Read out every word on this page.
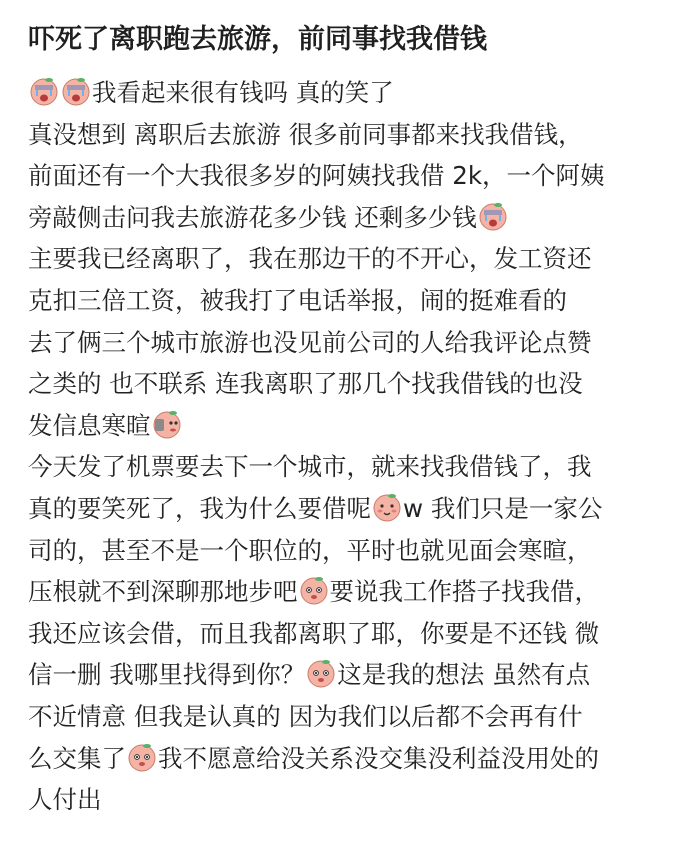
吓死了离职跑去旅游，前同事找我借钱
我看起来很有钱吗 真的笑了
真没想到 离职后去旅游 很多前同事都来找我借钱，
前面还有一个大我很多岁的阿姨找我借 2k，一个阿姨
旁敲侧击问我去旅游花多少钱 还剩多少钱
主要我已经离职了，我在那边干的不开心，发工资还
克扣三倍工资，被我打了电话举报，闹的挺难看的
去了俩三个城市旅游也没见前公司的人给我评论点赞
之类的 也不联系 连我离职了那几个找我借钱的也没
发信息寒暄
今天发了机票要去下一个城市，就来找我借钱了，我
真的要笑死了，我为什么要借呢 w 我们只是一家公
司的，甚至不是一个职位的，平时也就见面会寒暄，
压根就不到深聊那地步吧 要说我工作搭子找我借，
我还应该会借，而且我都离职了耶，你要是不还钱 微
信一删 我哪里找得到你？ 这是我的想法 虽然有点
不近情意 但我是认真的 因为我们以后都不会再有什
么交集了 我不愿意给没关系没交集没利益没用处的
人付出
